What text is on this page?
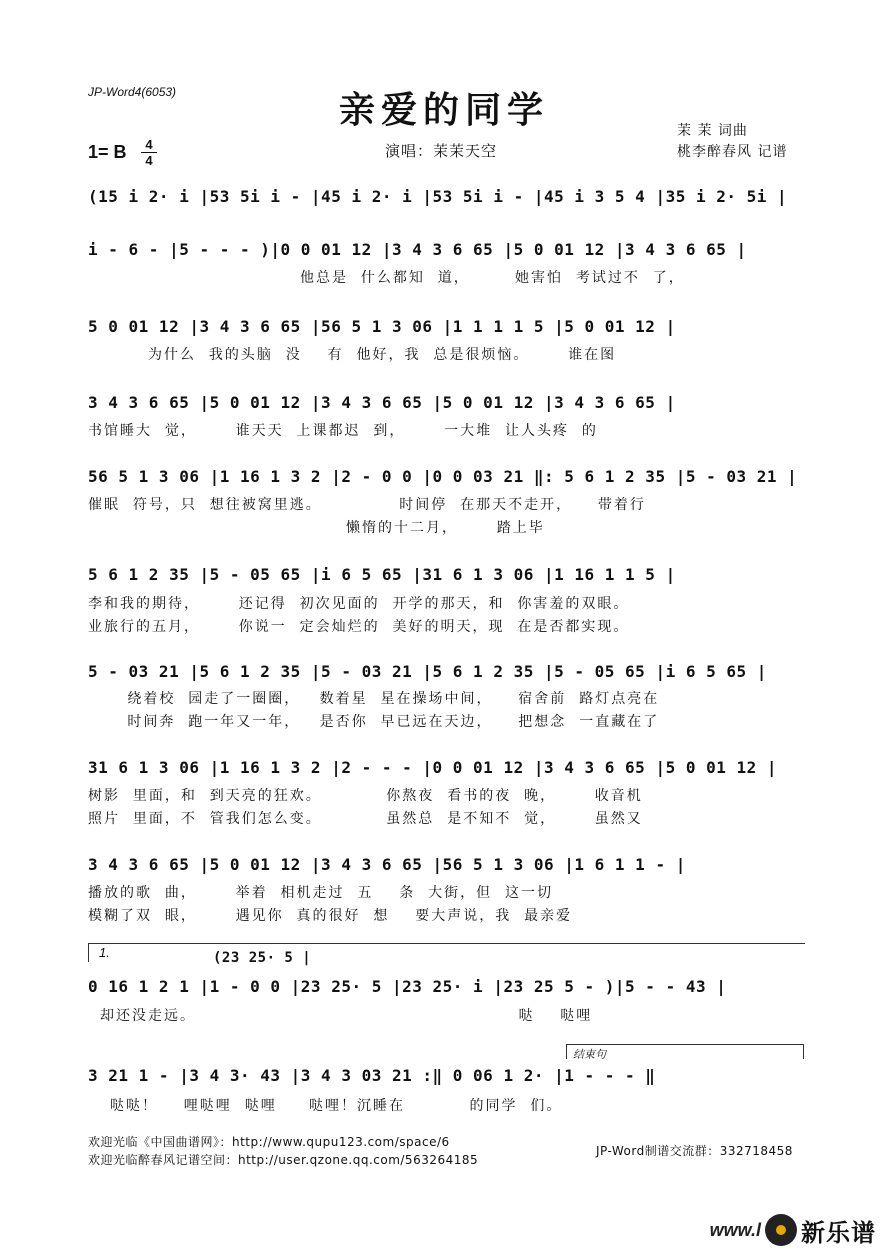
JP-Word4(6053)	亲爱的同学
1= B	4
4
演唱：茉茉天空
茉 茉 词曲
桃李醉春风 记谱
(15 i 2· i |53 5i i - |45 i 2· i |53 5i i - |45 i 3 5 4 |35 i 2· 5i |
i - 6 - |5 - - - )|0 0 01 12 |3 4 3 6 65 |5 0 01 12 |3 4 3 6 65 |
他总是  什么都知  道，       她害怕  考试过不  了，
5 0 01 12 |3 4 3 6 65 |56 5 1 3 06 |1 1 1 1 5 |5 0 01 12 |
为什么  我的头脑  没    有  他好，我  总是很烦恼。      谁在图
3 4 3 6 65 |5 0 01 12 |3 4 3 6 65 |5 0 01 12 |3 4 3 6 65 |
书馆睡大  觉，      谁天天  上课都迟  到，      一大堆  让人头疼  的
56 5 1 3 06 |1 16 1 3 2 |2 - 0 0 |0 0 03 21 ‖: 5 6 1 2 35 |5 - 03 21 |
催眠  符号，只  想往被窝里逃。            时间停  在那天不走开，    带着行
懒惰的十二月，      踏上毕
5 6 1 2 35 |5 - 05 65 |i 6 5 65 |31 6 1 3 06 |1 16 1 1 5 |
李和我的期待，      还记得  初次见面的  开学的那天，和  你害羞的双眼。
业旅行的五月，      你说一  定会灿烂的  美好的明天，现  在是否都实现。
5 - 03 21 |5 6 1 2 35 |5 - 03 21 |5 6 1 2 35 |5 - 05 65 |i 6 5 65 |
绕着校  园走了一圈圈，   数着星  星在操场中间，    宿舍前  路灯点亮在
时间奔  跑一年又一年，   是否你  早已远在天边，    把想念  一直藏在了
31 6 1 3 06 |1 16 1 3 2 |2 - - - |0 0 01 12 |3 4 3 6 65 |5 0 01 12 |
树影  里面，和  到天亮的狂欢。          你熬夜  看书的夜  晚，      收音机
照片  里面，不  管我们怎么变。          虽然总  是不知不  觉，      虽然又
3 4 3 6 65 |5 0 01 12 |3 4 3 6 65 |56 5 1 3 06 |1 6 1 1 - |
播放的歌  曲，      举着  相机走过  五    条  大街，但  这一切
模糊了双  眼，      遇见你  真的很好  想    要大声说，我  最亲爱
1.	(23 25· 5 |
0 16 1 2 1 |1 - 0 0 |23 25· 5 |23 25· i |23 25 5 - )|5 - - 43 |
却还没走远。                                                  哒    哒哩
结束句
3 21 1 - |3 4 3· 43 |3 4 3 03 21 :‖ 0 06 1 2· |1 - - - ‖
哒哒！    哩哒哩  哒哩     哒哩！沉睡在          的同学  们。
欢迎光临《中国曲谱网》：http://www.qupu123.com/space/6
欢迎光临醉春风记谱空间：http://user.qzone.qq.com/563264185
JP-Word制谱交流群：332718458
www.l 新乐谱
